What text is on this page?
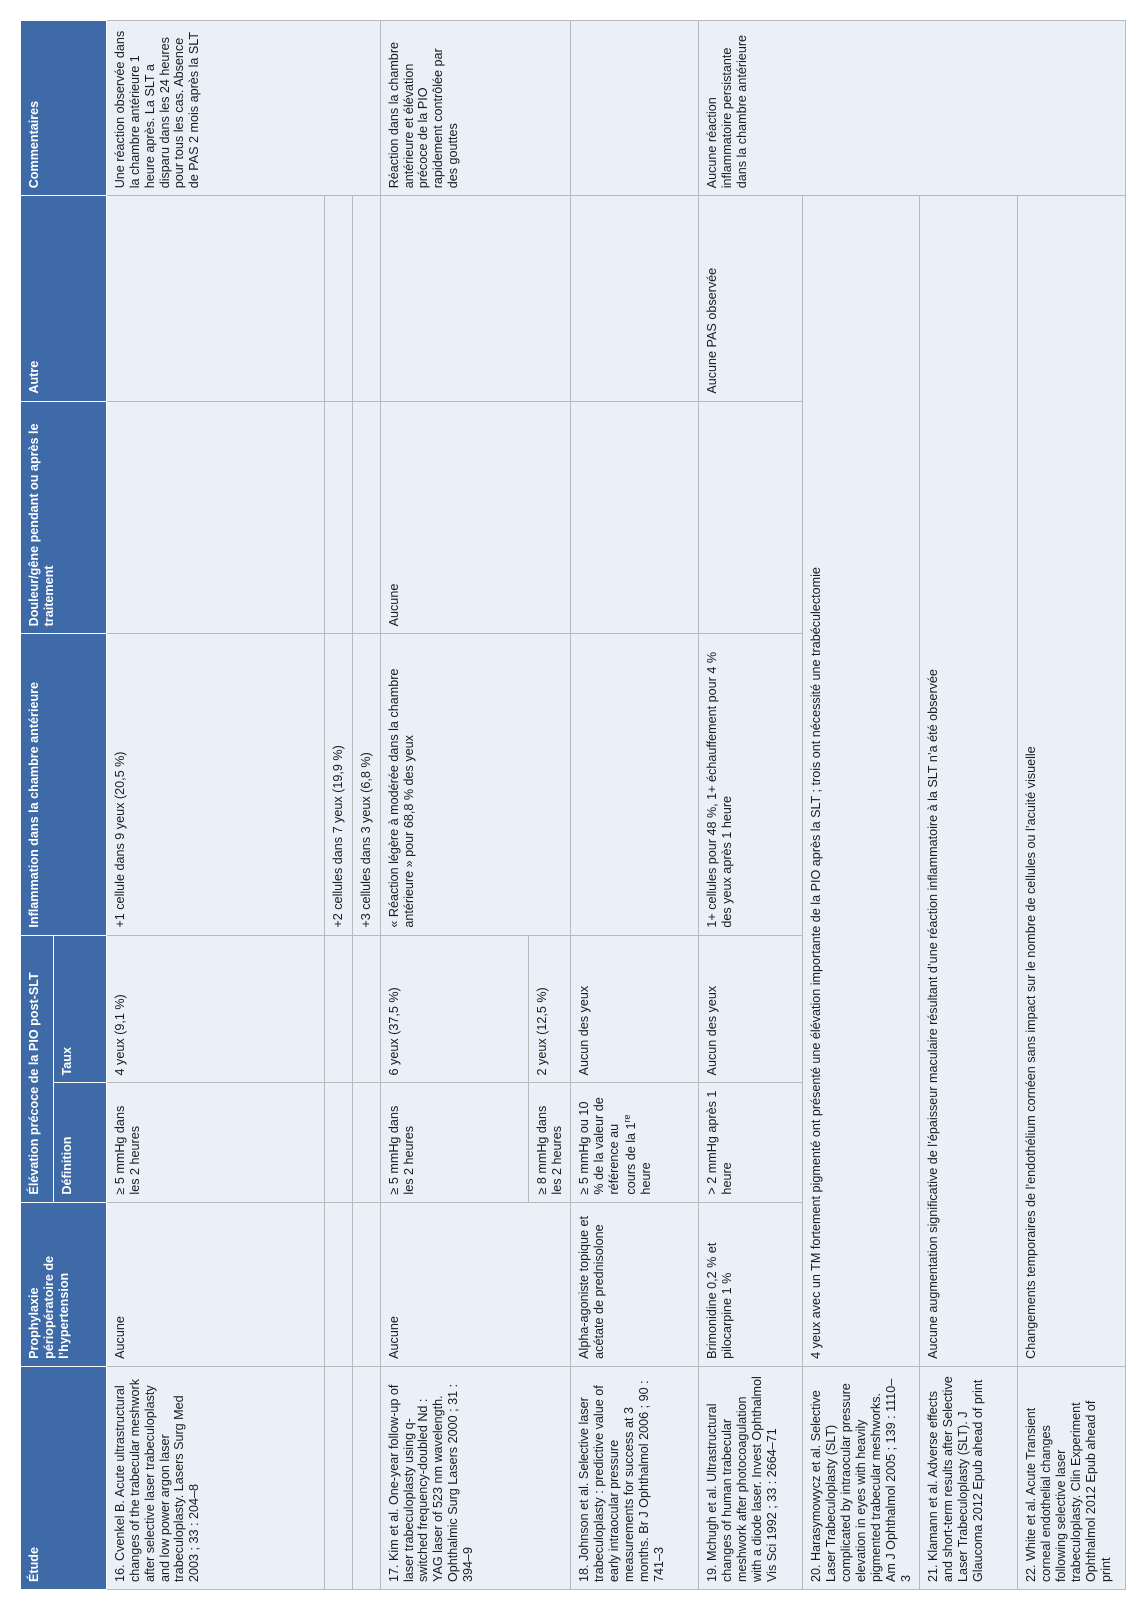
Étude	Prophylaxie périopératoire de l’hypertension	Élévation précoce de la PIO post-SLT		Inflammation dans la chambre antérieure	Douleur/gêne pendant ou après le traitement	Autre	Commentaires
		Définition	Taux				
16. Cvenkel B. Acute ultrastructural changes of the trabecular meshwork after selective laser trabeculoplasty and low power argon laser trabeculoplasty. Lasers Surg Med 2003 ; 33 : 204–8	Aucune	≥ 5 mmHg dans les 2 heures	4 yeux (9,1 %)	+1 cellule dans 9 yeux (20,5 %)			Une réaction observée dans la chambre antérieure 1 heure après. La SLT a disparu dans les 24 heures pour tous les cas. Absence de PAS 2 mois après la SLT
				+2 cellules dans 7 yeux (19,9 %)			
				+3 cellules dans 3 yeux (6,8 %)			
17. Kim et al. One-year follow-up of laser trabeculoplasty using q-switched frequency-doubled Nd : YAG laser of 523 nm wavelength. Ophthalmic Surg Lasers 2000 ; 31 : 394–9	Aucune	≥ 5 mmHg dans les 2 heures	6 yeux (37,5 %)	« Réaction légère à modérée dans la chambre antérieure » pour 68,8 % des yeux	Aucune		Réaction dans la chambre antérieure et élévation précoce de la PIO rapidement contrôlée par des gouttes
		≥ 8 mmHg dans les 2 heures	2 yeux (12,5 %)				
18. Johnson et al. Selective laser trabeculoplasty : predictive value of early intraocular pressure measurements for success at 3 months. Br J Ophthalmol 2006 ; 90 : 741–3	Alpha-agoniste topique et acétate de prednisolone	≥ 5 mmHg ou 10 % de la valeur de référence au cours de la 1re heure	Aucun des yeux				
19. Mchugh et al. Ultrastructural changes of human trabecular meshwork after photocoagulation with a diode laser. Invest Ophthalmol Vis Sci 1992 ; 33 : 2664–71	Brimonidine 0,2 % et pilocarpine 1 %	> 2 mmHg après 1 heure	Aucun des yeux	1+ cellules pour 48 %, 1+ échauffement pour 4 % des yeux après 1 heure		Aucune PAS observée	Aucune réaction inflammatoire persistante dans la chambre antérieure
20. Harasymowycz et al. Selective Laser Trabeculoplasty (SLT) complicated by intraocular pressure elevation in eyes with heavily pigmented trabecular meshworks. Am J Ophthalmol 2005 ; 139 : 1110–3	4 yeux avec un TM fortement pigmenté ont présenté une élévation importante de la PIO après la SLT ; trois ont nécessité une trabéculectomie						
21. Klamann et al. Adverse effects and short-term results after Selective Laser Trabeculoplasty (SLT). J Glaucoma 2012 Epub ahead of print	Aucune augmentation significative de l’épaisseur maculaire résultant d’une réaction inflammatoire à la SLT n’a été observée						
22. White et al. Acute Transient corneal endothelial changes following selective laser trabeculoplasty. Clin Experiment Ophthalmol 2012 Epub ahead of print	Changements temporaires de l’endothélium cornéen sans impact sur le nombre de cellules ou l’acuité visuelle						
